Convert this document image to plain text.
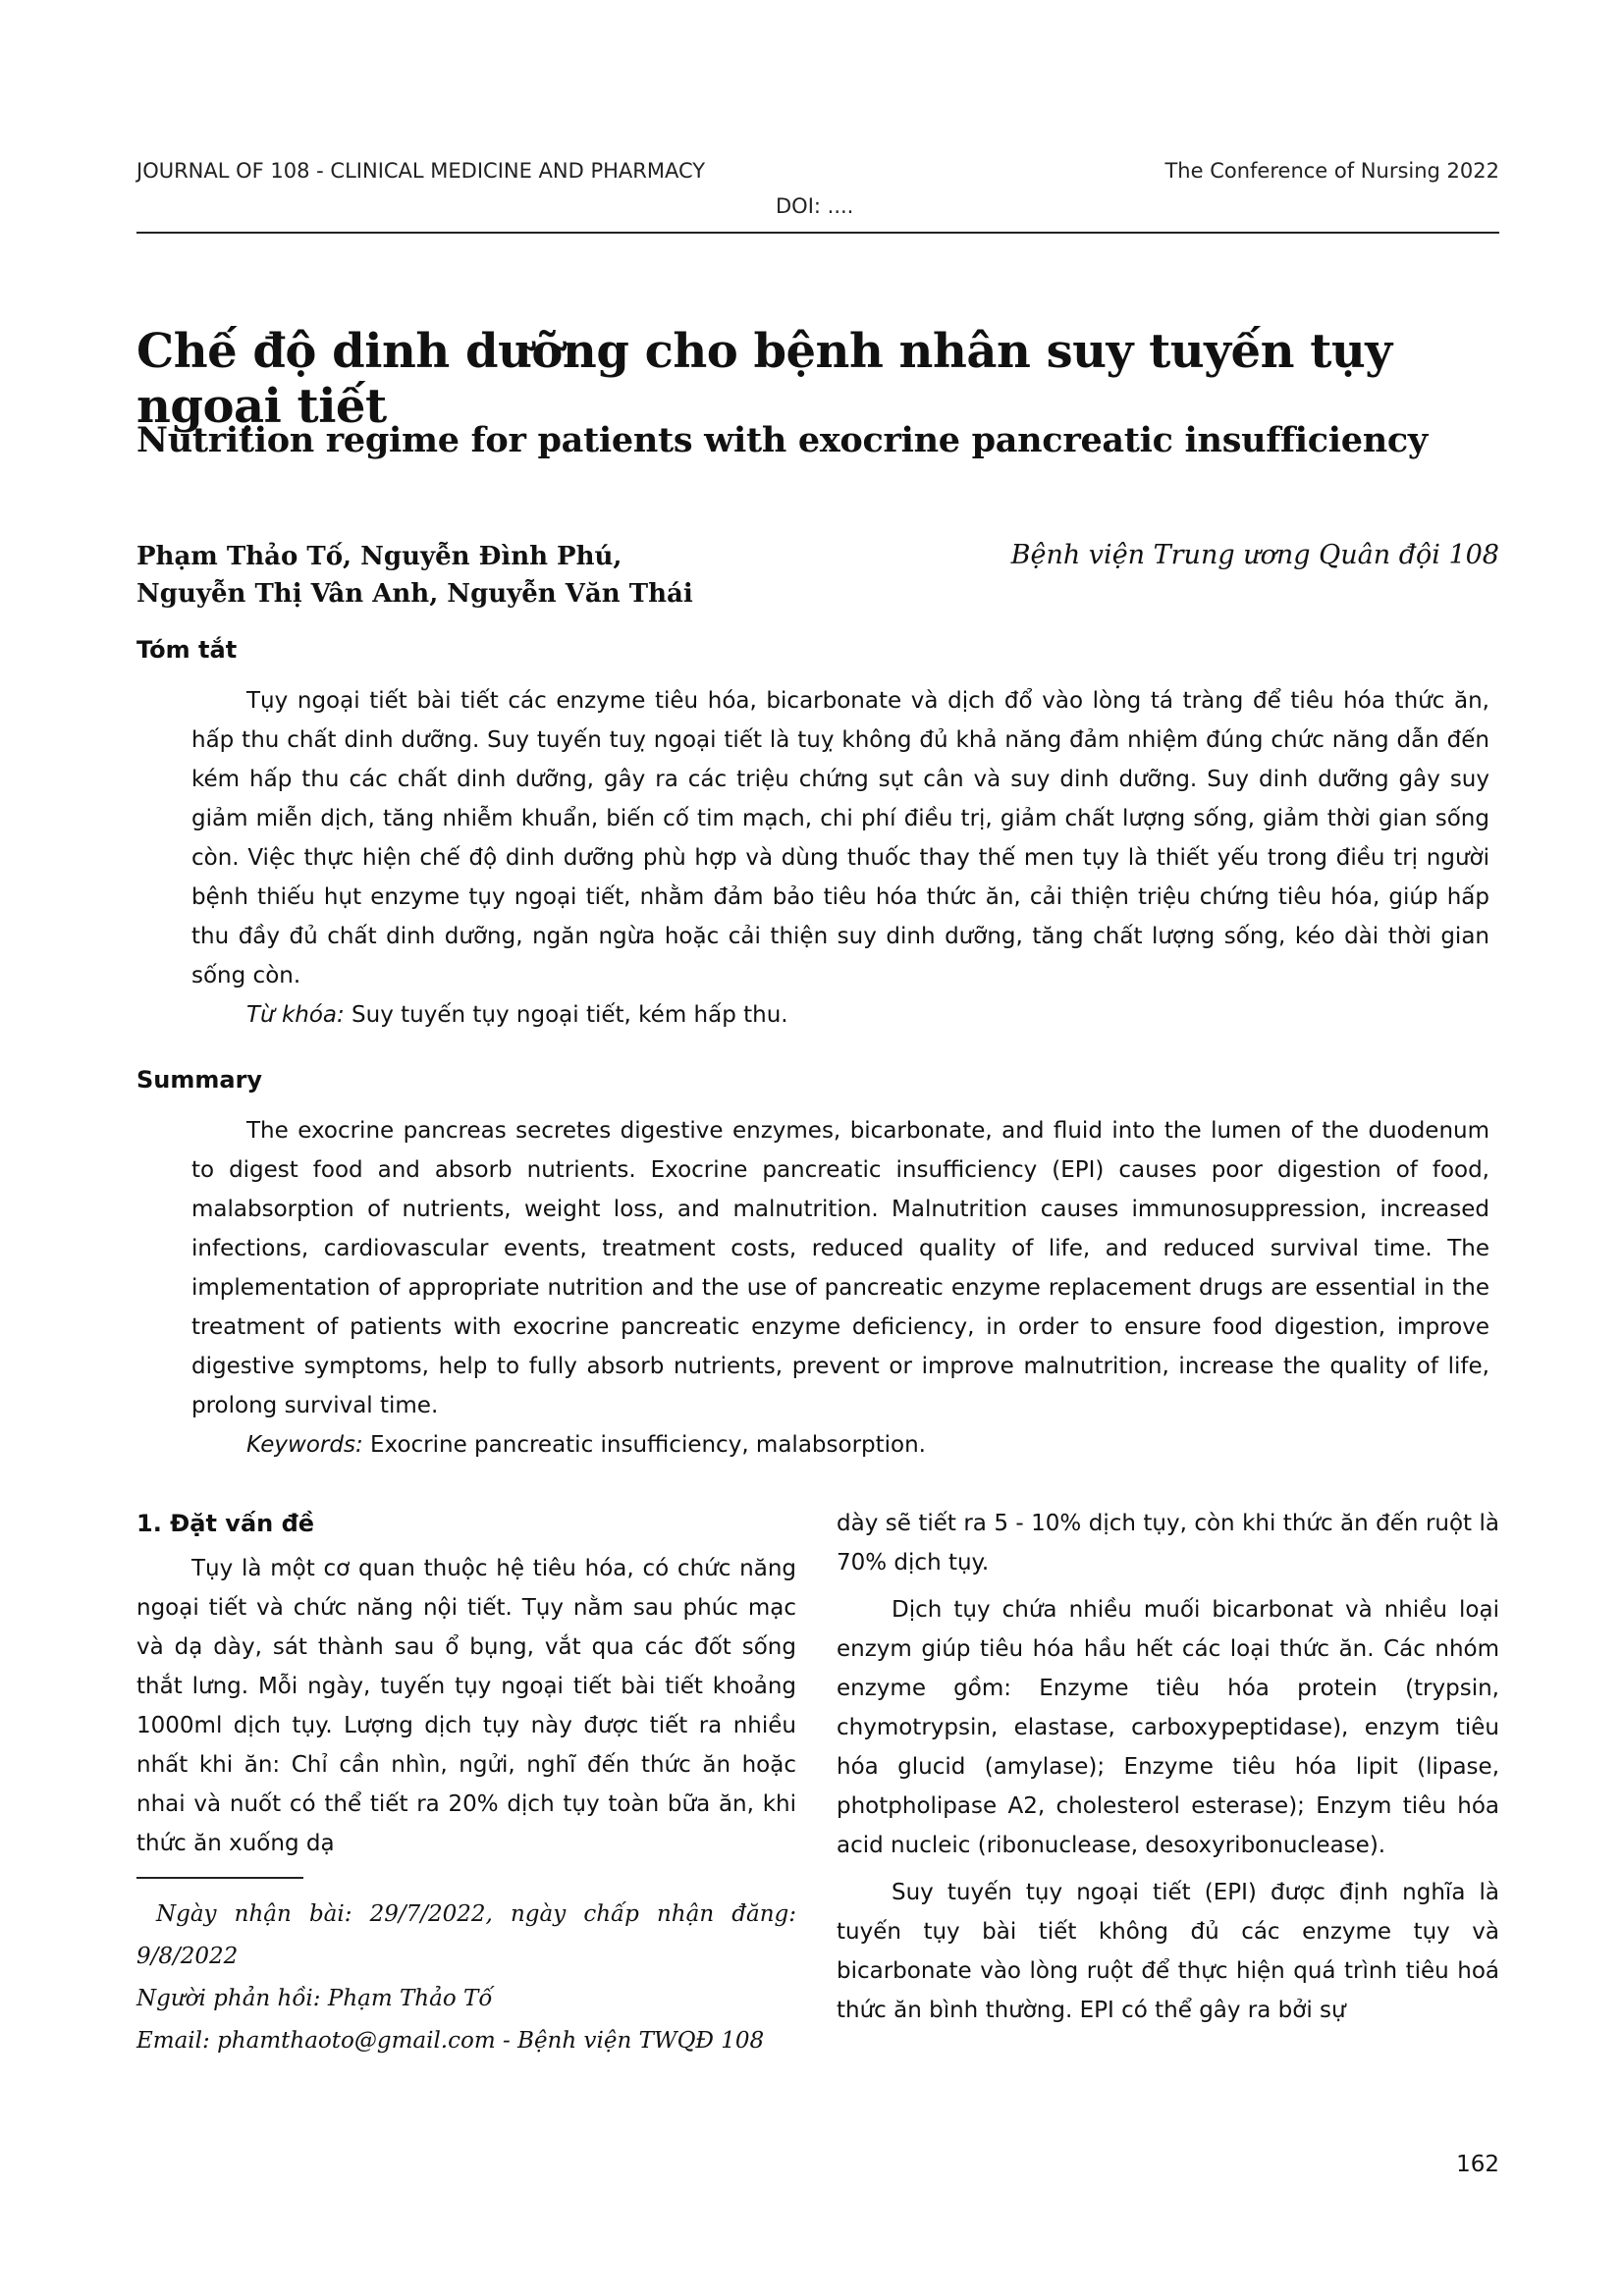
JOURNAL OF 108 - CLINICAL MEDICINE AND PHARMACY	The Conference of Nursing 2022
DOI: ....
Chế độ dinh dưỡng cho bệnh nhân suy tuyến tụy ngoại tiết
Nutrition regime for patients with exocrine pancreatic insufficiency
Phạm Thảo Tố, Nguyễn Đình Phú,
Nguyễn Thị Vân Anh, Nguyễn Văn Thái
Bệnh viện Trung ương Quân đội 108
Tóm tắt

Tụy ngoại tiết bài tiết các enzyme tiêu hóa, bicarbonate và dịch đổ vào lòng tá tràng để tiêu hóa thức ăn, hấp thu chất dinh dưỡng. Suy tuyến tuỵ ngoại tiết là tuỵ không đủ khả năng đảm nhiệm đúng chức năng dẫn đến kém hấp thu các chất dinh dưỡng, gây ra các triệu chứng sụt cân và suy dinh dưỡng. Suy dinh dưỡng gây suy giảm miễn dịch, tăng nhiễm khuẩn, biến cố tim mạch, chi phí điều trị, giảm chất lượng sống, giảm thời gian sống còn. Việc thực hiện chế độ dinh dưỡng phù hợp và dùng thuốc thay thế men tụy là thiết yếu trong điều trị người bệnh thiếu hụt enzyme tụy ngoại tiết, nhằm đảm bảo tiêu hóa thức ăn, cải thiện triệu chứng tiêu hóa, giúp hấp thu đầy đủ chất dinh dưỡng, ngăn ngừa hoặc cải thiện suy dinh dưỡng, tăng chất lượng sống, kéo dài thời gian sống còn.

Từ khóa: Suy tuyến tụy ngoại tiết, kém hấp thu.

Summary

The exocrine pancreas secretes digestive enzymes, bicarbonate, and fluid into the lumen of the duodenum to digest food and absorb nutrients. Exocrine pancreatic insufficiency (EPI) causes poor digestion of food, malabsorption of nutrients, weight loss, and malnutrition. Malnutrition causes immunosuppression, increased infections, cardiovascular events, treatment costs, reduced quality of life, and reduced survival time. The implementation of appropriate nutrition and the use of pancreatic enzyme replacement drugs are essential in the treatment of patients with exocrine pancreatic enzyme deficiency, in order to ensure food digestion, improve digestive symptoms, help to fully absorb nutrients, prevent or improve malnutrition, increase the quality of life, prolong survival time.

Keywords: Exocrine pancreatic insufficiency, malabsorption.

1. Đặt vấn đề

Tụy là một cơ quan thuộc hệ tiêu hóa, có chức năng ngoại tiết và chức năng nội tiết. Tụy nằm sau phúc mạc và dạ dày, sát thành sau ổ bụng, vắt qua các đốt sống thắt lưng. Mỗi ngày, tuyến tụy ngoại tiết bài tiết khoảng 1000ml dịch tụy. Lượng dịch tụy này được tiết ra nhiều nhất khi ăn: Chỉ cần nhìn, ngửi, nghĩ đến thức ăn hoặc nhai và nuốt có thể tiết ra 20% dịch tụy toàn bữa ăn, khi thức ăn xuống dạ

Ngày nhận bài: 29/7/2022, ngày chấp nhận đăng: 9/8/2022
Người phản hồi: Phạm Thảo Tố
Email: phamthaoto@gmail.com - Bệnh viện TWQĐ 108

dày sẽ tiết ra 5 - 10% dịch tụy, còn khi thức ăn đến ruột là 70% dịch tụy.

Dịch tụy chứa nhiều muối bicarbonat và nhiều loại enzym giúp tiêu hóa hầu hết các loại thức ăn. Các nhóm enzyme gồm: Enzyme tiêu hóa protein (trypsin, chymotrypsin, elastase, carboxypeptidase), enzym tiêu hóa glucid (amylase); Enzyme tiêu hóa lipit (lipase, photpholipase A2, cholesterol esterase); Enzym tiêu hóa acid nucleic (ribonuclease, desoxyribonuclease).

Suy tuyến tụy ngoại tiết (EPI) được định nghĩa là tuyến tụy bài tiết không đủ các enzyme tụy và bicarbonate vào lòng ruột để thực hiện quá trình tiêu hoá thức ăn bình thường. EPI có thể gây ra bởi sự

162
